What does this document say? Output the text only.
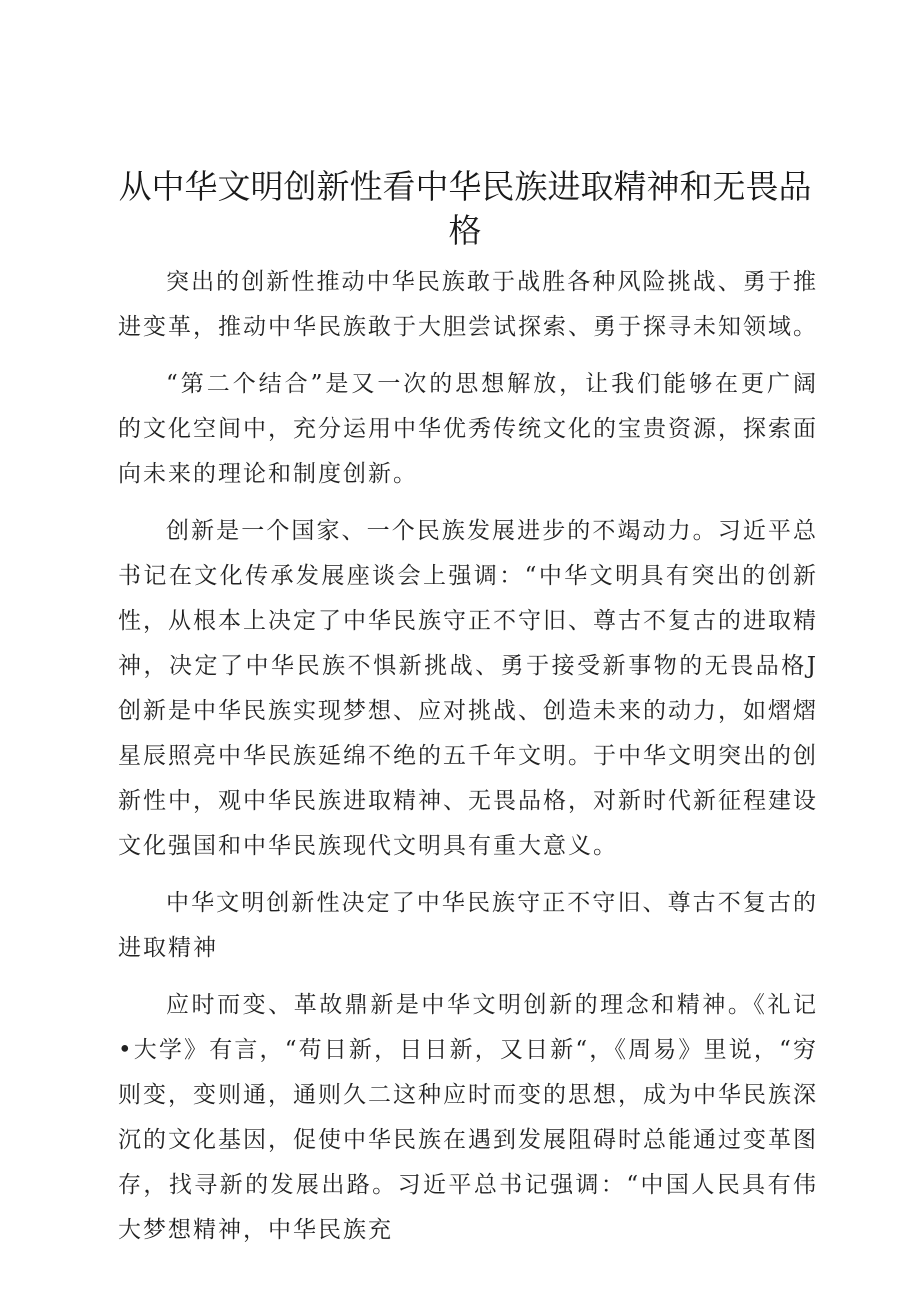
从中华文明创新性看中华民族进取精神和无畏品格

突出的创新性推动中华民族敢于战胜各种风险挑战、勇于推进变革，推动中华民族敢于大胆尝试探索、勇于探寻未知领域。

“第二个结合”是又一次的思想解放，让我们能够在更广阔的文化空间中，充分运用中华优秀传统文化的宝贵资源，探索面向未来的理论和制度创新。

创新是一个国家、一个民族发展进步的不竭动力。习近平总书记在文化传承发展座谈会上强调：“中华文明具有突出的创新性，从根本上决定了中华民族守正不守旧、尊古不复古的进取精神，决定了中华民族不惧新挑战、勇于接受新事物的无畏品格J创新是中华民族实现梦想、应对挑战、创造未来的动力，如熠熠星辰照亮中华民族延绵不绝的五千年文明。于中华文明突出的创新性中，观中华民族进取精神、无畏品格，对新时代新征程建设文化强国和中华民族现代文明具有重大意义。

中华文明创新性决定了中华民族守正不守旧、尊古不复古的进取精神

应时而变、革故鼎新是中华文明创新的理念和精神。《礼记•大学》有言，“苟日新，日日新，又日新“，《周易》里说，“穷则变，变则通，通则久二这种应时而变的思想，成为中华民族深沉的文化基因，促使中华民族在遇到发展阻碍时总能通过变革图存，找寻新的发展出路。习近平总书记强调：“中国人民具有伟大梦想精神，中华民族充
